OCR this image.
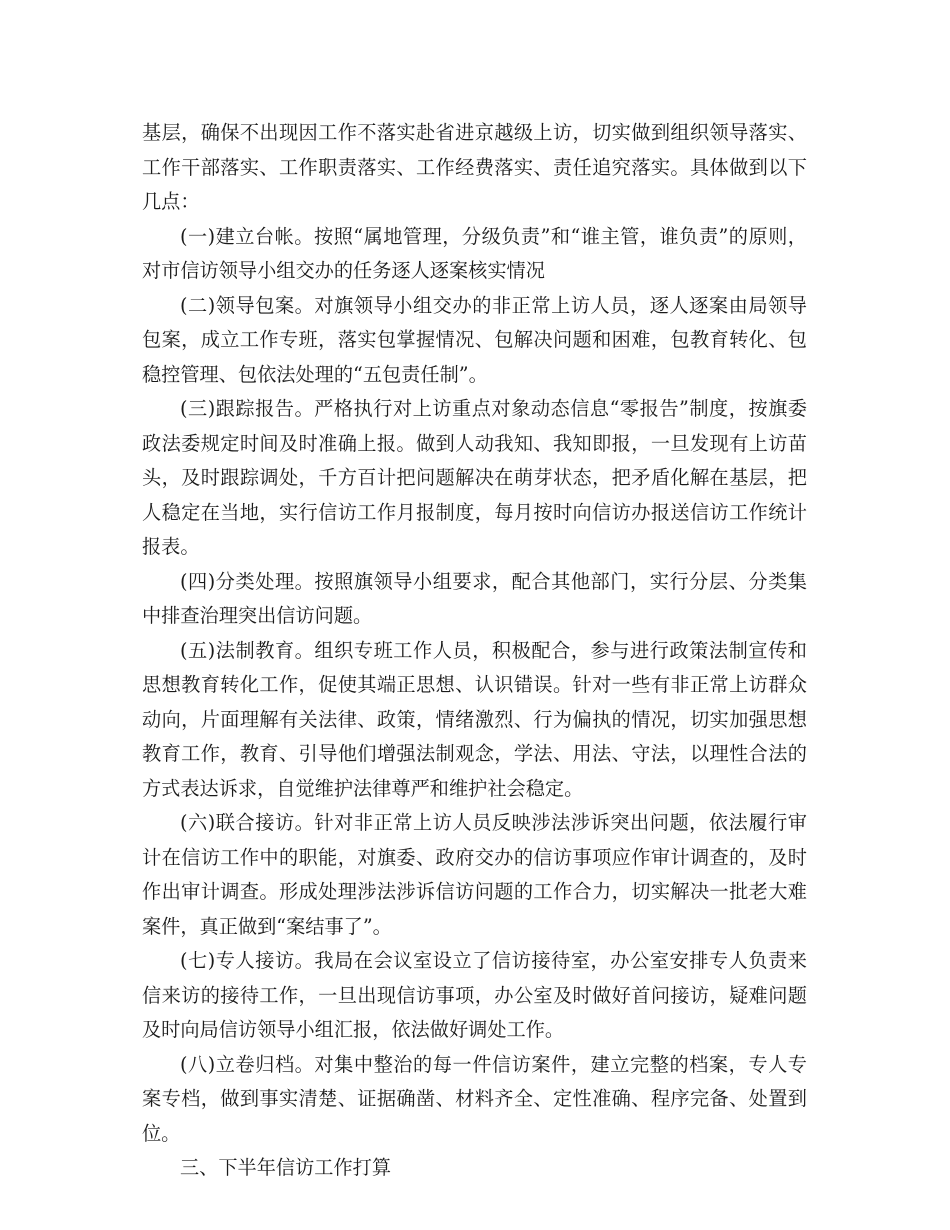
基层，确保不出现因工作不落实赴省进京越级上访，切实做到组织领导落实、工作干部落实、工作职责落实、工作经费落实、责任追究落实。具体做到以下几点：

(一)建立台帐。按照“属地管理，分级负责”和“谁主管，谁负责”的原则，对市信访领导小组交办的任务逐人逐案核实情况

(二)领导包案。对旗领导小组交办的非正常上访人员，逐人逐案由局领导包案，成立工作专班，落实包掌握情况、包解决问题和困难，包教育转化、包稳控管理、包依法处理的“五包责任制”。

(三)跟踪报告。严格执行对上访重点对象动态信息“零报告”制度，按旗委政法委规定时间及时准确上报。做到人动我知、我知即报，一旦发现有上访苗头，及时跟踪调处，千方百计把问题解决在萌芽状态，把矛盾化解在基层，把人稳定在当地，实行信访工作月报制度，每月按时向信访办报送信访工作统计报表。

(四)分类处理。按照旗领导小组要求，配合其他部门，实行分层、分类集中排查治理突出信访问题。

(五)法制教育。组织专班工作人员，积极配合，参与进行政策法制宣传和思想教育转化工作，促使其端正思想、认识错误。针对一些有非正常上访群众动向，片面理解有关法律、政策，情绪激烈、行为偏执的情况，切实加强思想教育工作，教育、引导他们增强法制观念，学法、用法、守法，以理性合法的方式表达诉求，自觉维护法律尊严和维护社会稳定。

(六)联合接访。针对非正常上访人员反映涉法涉诉突出问题，依法履行审计在信访工作中的职能，对旗委、政府交办的信访事项应作审计调查的，及时作出审计调查。形成处理涉法涉诉信访问题的工作合力，切实解决一批老大难案件，真正做到“案结事了”。

(七)专人接访。我局在会议室设立了信访接待室，办公室安排专人负责来信来访的接待工作，一旦出现信访事项，办公室及时做好首问接访，疑难问题及时向局信访领导小组汇报，依法做好调处工作。

(八)立卷归档。对集中整治的每一件信访案件，建立完整的档案，专人专案专档，做到事实清楚、证据确凿、材料齐全、定性准确、程序完备、处置到位。

三、下半年信访工作打算
